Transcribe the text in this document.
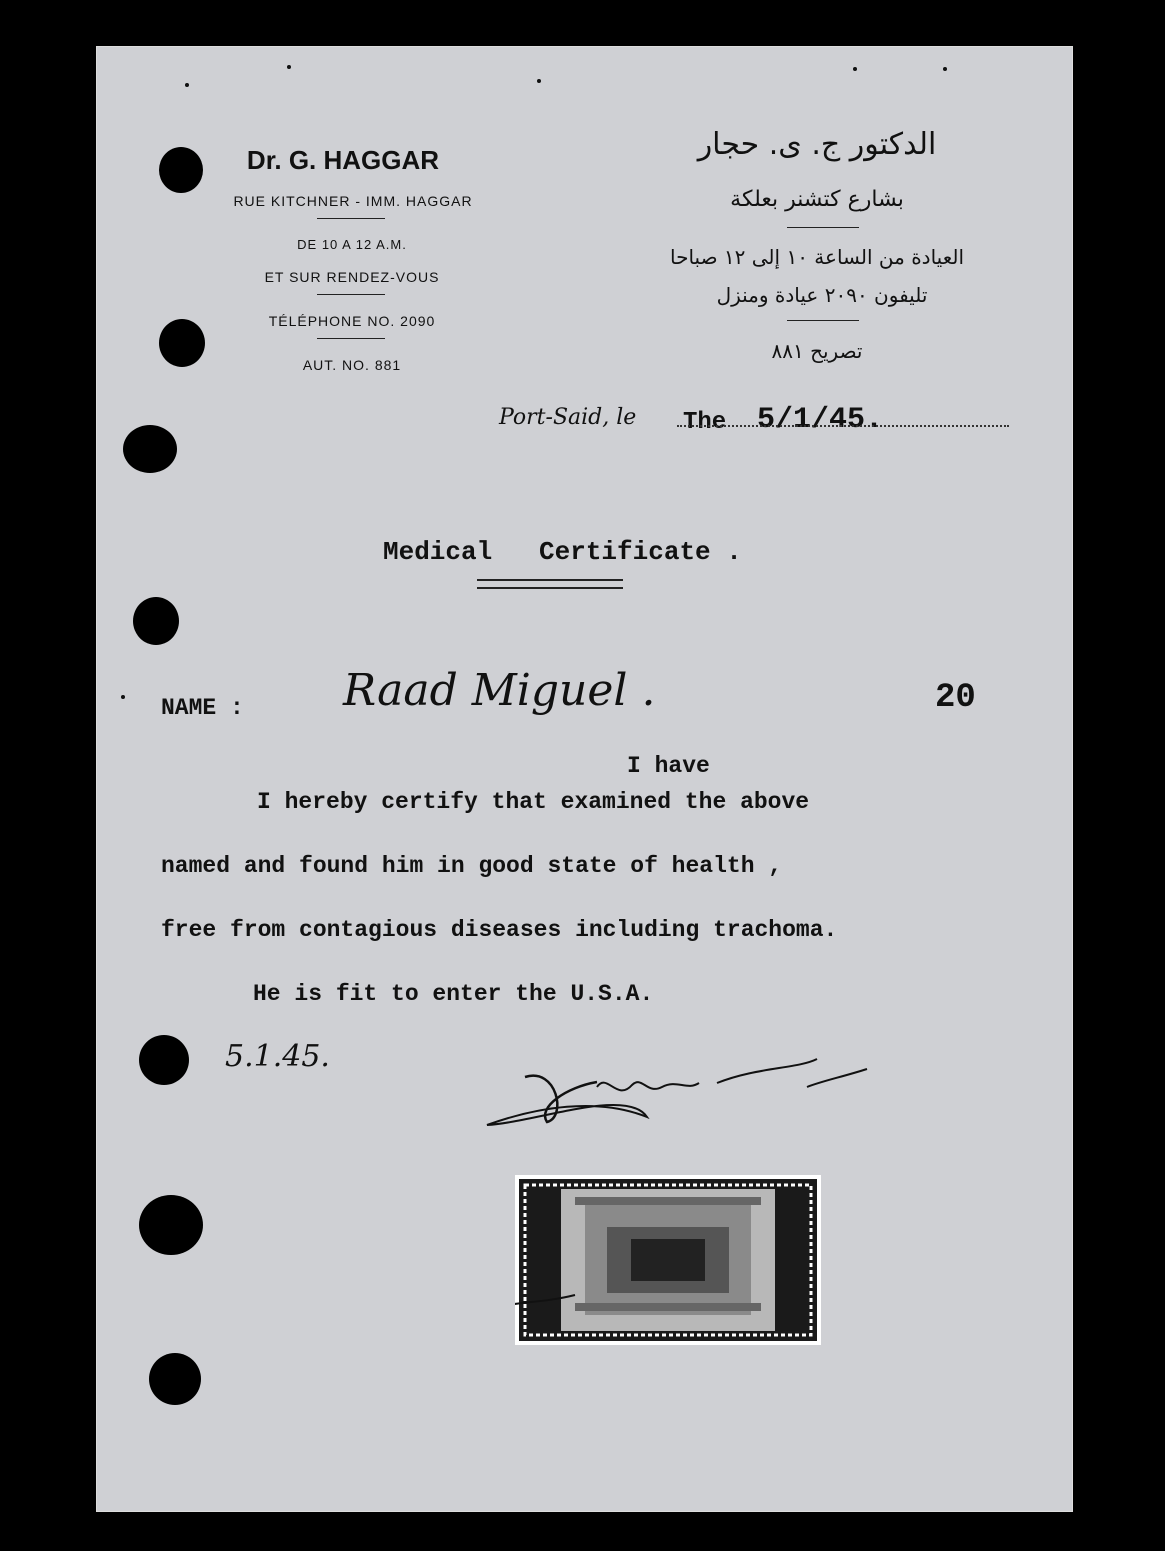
Dr. G. HAGGAR
RUE KITCHNER - IMM. HAGGAR
DE 10 A 12 A.M.
ET SUR RENDEZ-VOUS
TÉLÉPHONE NO. 2090
AUT. NO. 881
الدكتور ج. ى. حجار
بشارع كتشنر بعلكة
العيادة من الساعة ١٠ إلى ١٢ صباحا
تليفون ٢٠٩٠ عيادة ومنزل
تصريح ٨٨١
Port-Said, le The 5/1/45.
Medical   Certificate .
NAME : Raad Miguel .	20
I have
I hereby certify that examined the above
named and found him in good state of health ,
free from contagious diseases including trachoma.
He is fit to enter the U.S.A.
5.1.45.
